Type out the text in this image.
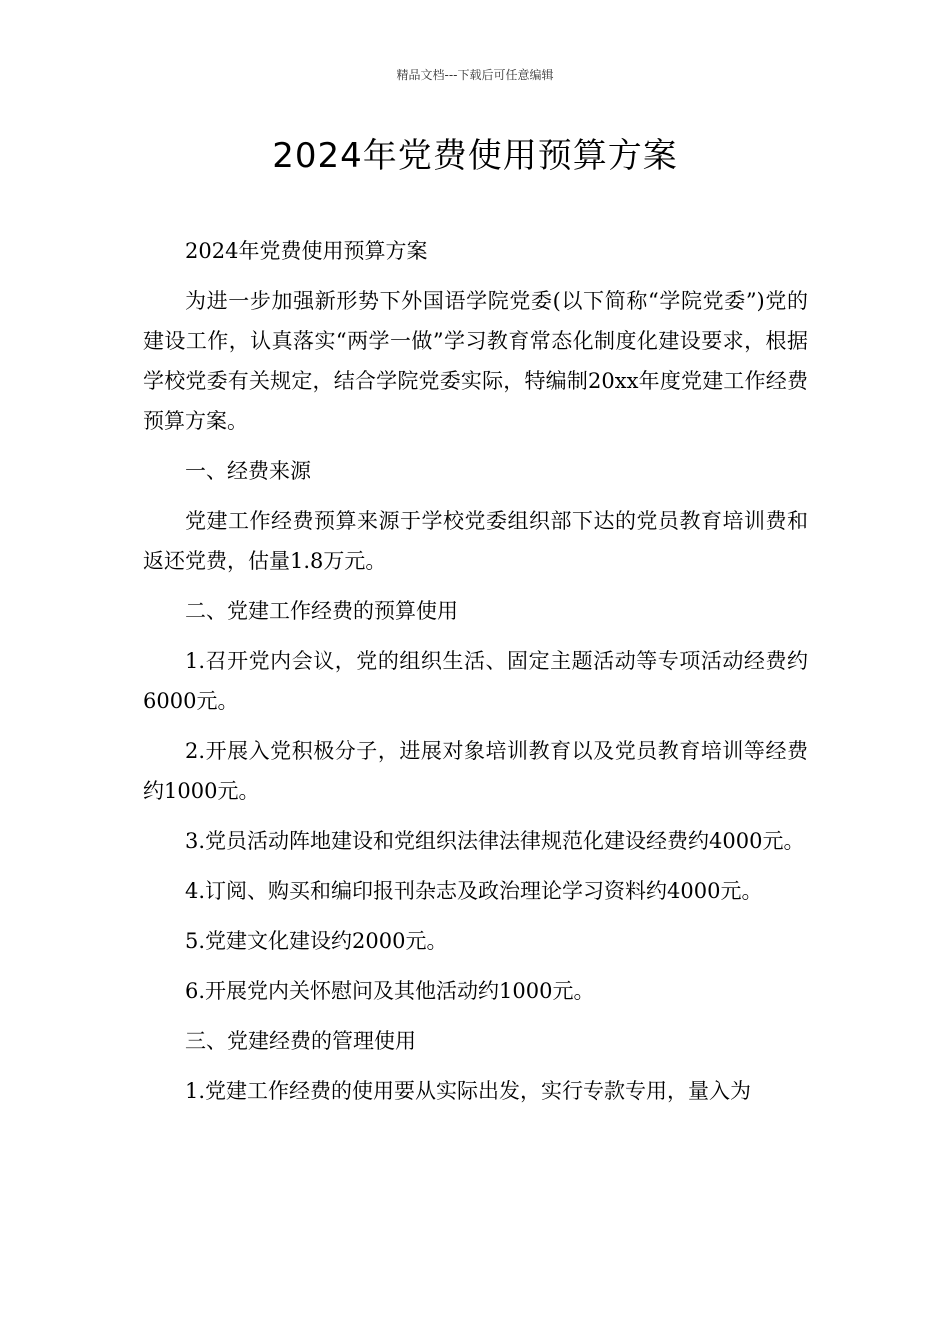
精品文档---下载后可任意编辑
2024年党费使用预算方案

2024年党费使用预算方案

为进一步加强新形势下外国语学院党委(以下简称“学院党委”)党的建设工作，认真落实“两学一做”学习教育常态化制度化建设要求，根据学校党委有关规定，结合学院党委实际，特编制20xx年度党建工作经费预算方案。

一、经费来源

党建工作经费预算来源于学校党委组织部下达的党员教育培训费和返还党费，估量1.8万元。

二、党建工作经费的预算使用

1.召开党内会议，党的组织生活、固定主题活动等专项活动经费约6000元。

2.开展入党积极分子，进展对象培训教育以及党员教育培训等经费约1000元。

3.党员活动阵地建设和党组织法律法律规范化建设经费约4000元。

4.订阅、购买和编印报刊杂志及政治理论学习资料约4000元。

5.党建文化建设约2000元。

6.开展党内关怀慰问及其他活动约1000元。

三、党建经费的管理使用

1.党建工作经费的使用要从实际出发，实行专款专用，量入为
